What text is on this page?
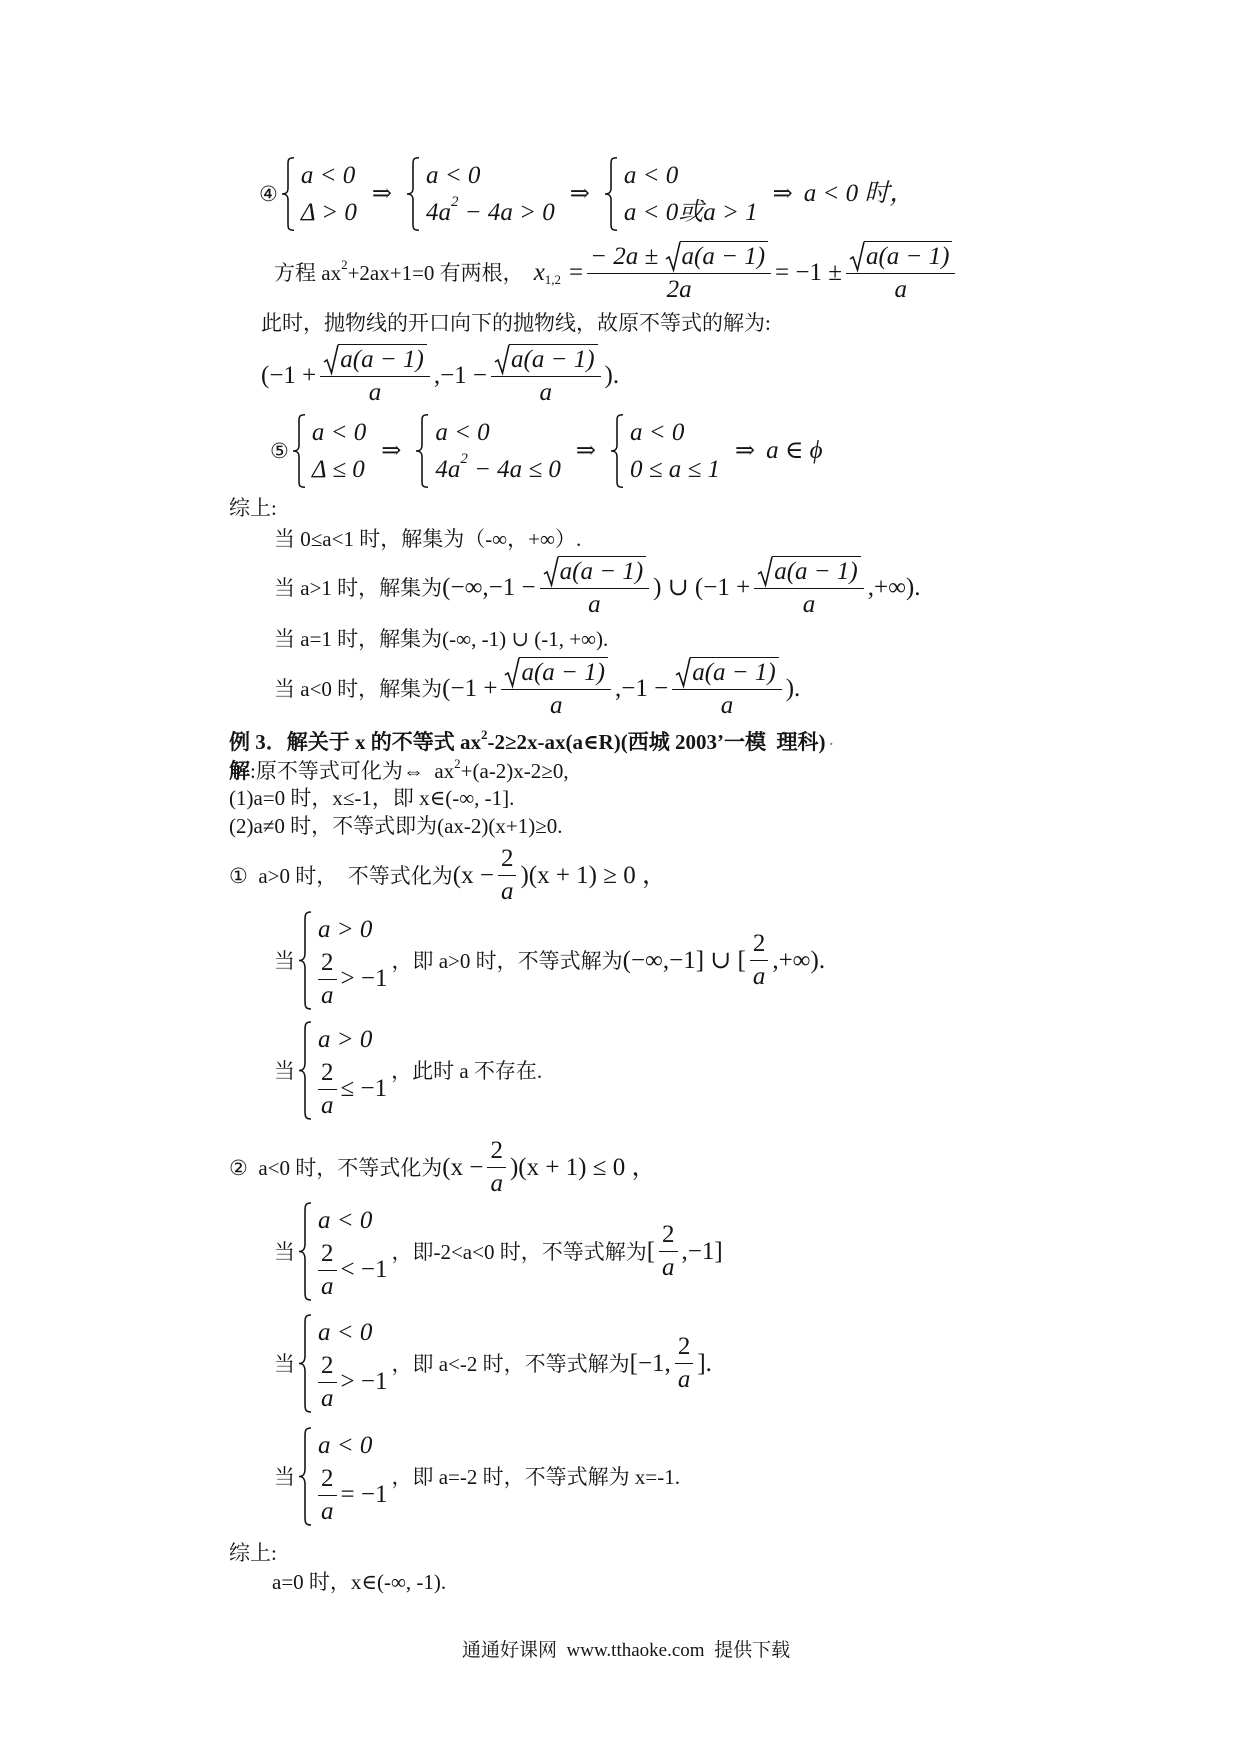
④
a < 0
Δ > 0
⇒
a < 0
4a 2 − 4a > 0
⇒
a < 0
a < 0或a > 1
⇒ a < 0 时，
方程 ax 2 +2ax+1=0 有两根， x $1,2 = \frac{- 2a \pm a(a - 1)}{2a} = -1 \pm \frac{a(a - 1)}{a}$
此时，抛物线的开口向下的抛物线，故原不等式的解为:
($-1 + \frac{a(a - 1)}{a} ,-1 - \frac{a(a - 1)}{a}$ ).
⑤
a < 0
Δ ≤ 0
⇒
a < 0
4a 2 − 4a ≤ 0
⇒
a < 0
0 ≤ a ≤ 1
⇒ a ∈ ϕ
综上:
当 0≤a<1 时，解集为（-∞，+∞）.
当 a>1 时，解集为 ($-\infty,-1 - \frac{a(a - 1)}{a}$ ) ∪ ($-1 + \frac{a(a - 1)}{a}$ ,+∞).
当 a=1 时，解集为(-∞, -1) ∪ (-1, +∞).
当 a<0 时，解集为 ($-1 + \frac{a(a - 1)}{a} ,-1 - \frac{a(a - 1)}{a}$ ).
例 3．解关于 x 的不等式 ax 2 -2≥2x-ax(a∈R)(西城 2003’一模  理科) .
解 :原不等式可化为⇔  ax 2 +(a-2)x-2≥0,
(1)a=0 时，x≤-1，即 x∈(-∞, -1].
(2)a≠0 时，不等式即为(ax-2)(x+1)≥0.
①  a>0 时，  不等式化为 $(x - \frac{2}{a} )(x + 1) \ge 0$ ，
当
a > 0
$\frac{2}{a} > -1$
，即 a>0 时，不等式解为 (−∞,−1] ∪ [ $\frac{2}{a}$ ,+∞).
当
a > 0
$\frac{2}{a} \le -1$
，此时 a 不存在.
②  a<0 时，不等式化为 $(x - \frac{2}{a} )(x + 1) \le 0$ ，
当
a < 0
$\frac{2}{a} < -1$
，即-2<a<0 时，不等式解为 [ $\frac{2}{a} ,-1$]
当
a < 0
$\frac{2}{a} > -1$
，即 a<-2 时，不等式解为 [−1, $\frac{2}{a}$ ].
当
a < 0
$\frac{2}{a} = -1$
，即 a=-2 时，不等式解为 x=-1.
综上:
a=0 时，x∈(-∞, -1).
通通好课网  www.tthaoke.com  提供下载
